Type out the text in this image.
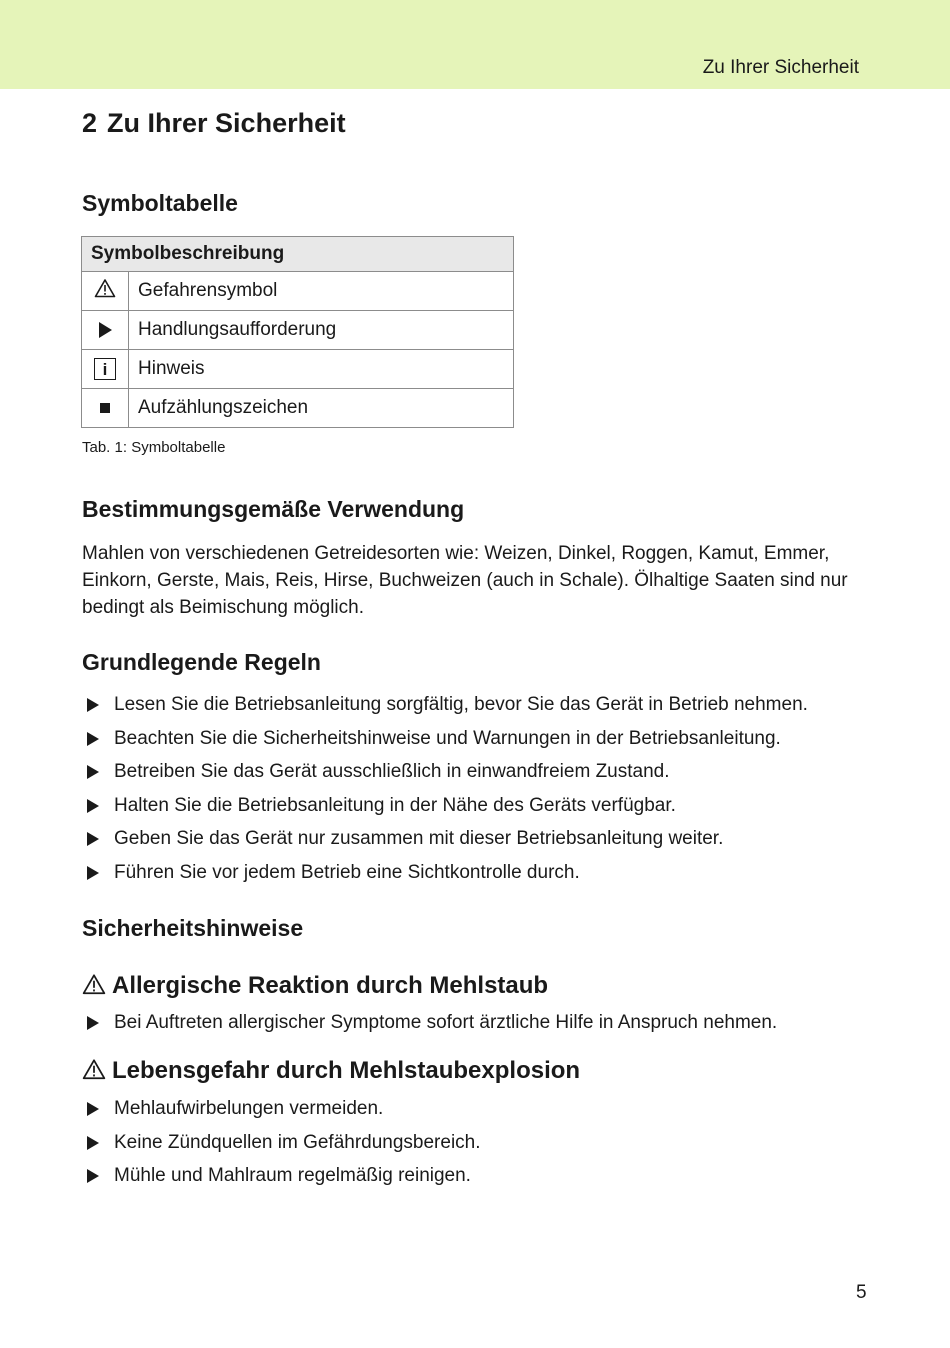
Zu Ihrer Sicherheit
2 Zu Ihrer Sicherheit
Symboltabelle
Symbolbeschreibung	
	Gefahrensymbol
	Handlungsaufforderung
i	Hinweis
	Aufzählungszeichen
Tab. 1: Symboltabelle
Bestimmungsgemäße Verwendung

Mahlen von verschiedenen Getreidesorten wie: Weizen, Dinkel, Roggen, Kamut, Emmer, Einkorn, Gerste, Mais, Reis, Hirse, Buchweizen (auch in Schale). Ölhaltige Saaten sind nur bedingt als Beimischung möglich.

Grundlegende Regeln
Lesen Sie die Betriebsanleitung sorgfältig, bevor Sie das Gerät in Betrieb nehmen.
Beachten Sie die Sicherheitshinweise und Warnungen in der Betriebsanleitung.
Betreiben Sie das Gerät ausschließlich in einwandfreiem Zustand.
Halten Sie die Betriebsanleitung in der Nähe des Geräts verfügbar.
Geben Sie das Gerät nur zusammen mit dieser Betriebsanleitung weiter.
Führen Sie vor jedem Betrieb eine Sichtkontrolle durch.
Sicherheitshinweise
Allergische Reaktion durch Mehlstaub
Bei Auftreten allergischer Symptome sofort ärztliche Hilfe in Anspruch nehmen.
Lebensgefahr durch Mehlstaubexplosion
Mehlaufwirbelungen vermeiden.
Keine Zündquellen im Gefährdungsbereich.
Mühle und Mahlraum regelmäßig reinigen.
5
